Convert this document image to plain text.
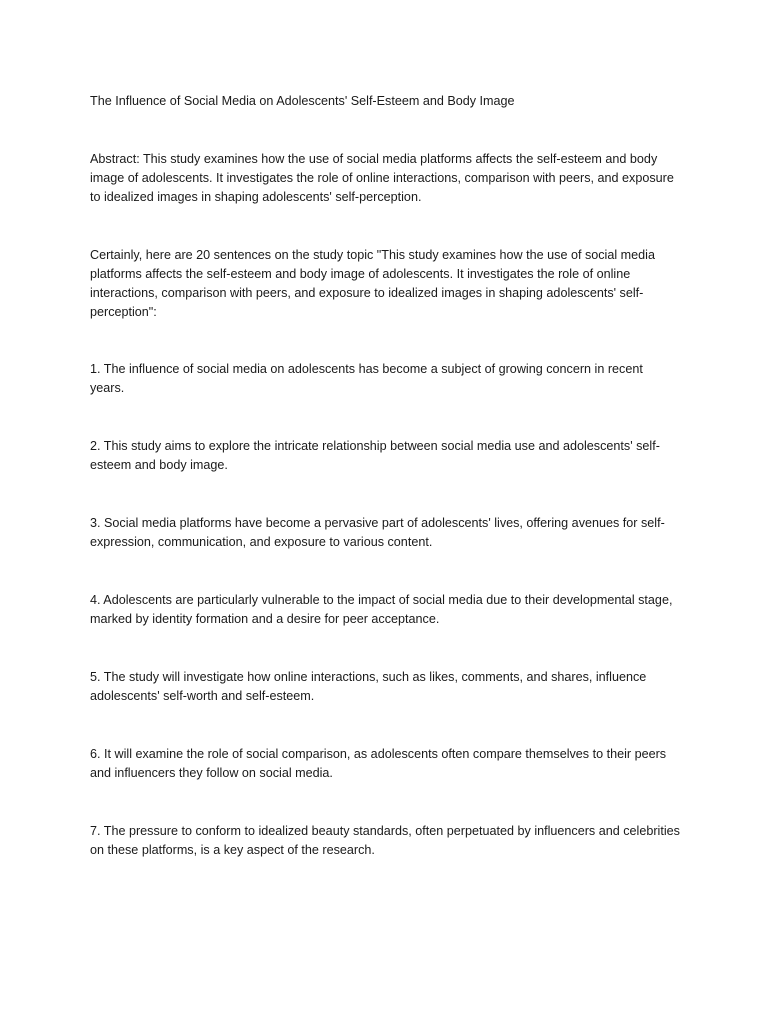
The Influence of Social Media on Adolescents' Self-Esteem and Body Image

Abstract: This study examines how the use of social media platforms affects the self-esteem and body image of adolescents. It investigates the role of online interactions, comparison with peers, and exposure to idealized images in shaping adolescents' self-perception.

Certainly, here are 20 sentences on the study topic "This study examines how the use of social media platforms affects the self-esteem and body image of adolescents. It investigates the role of online interactions, comparison with peers, and exposure to idealized images in shaping adolescents' self-perception":

1. The influence of social media on adolescents has become a subject of growing concern in recent years.

2. This study aims to explore the intricate relationship between social media use and adolescents' self-esteem and body image.

3. Social media platforms have become a pervasive part of adolescents' lives, offering avenues for self-expression, communication, and exposure to various content.

4. Adolescents are particularly vulnerable to the impact of social media due to their developmental stage, marked by identity formation and a desire for peer acceptance.

5. The study will investigate how online interactions, such as likes, comments, and shares, influence adolescents' self-worth and self-esteem.

6. It will examine the role of social comparison, as adolescents often compare themselves to their peers and influencers they follow on social media.

7. The pressure to conform to idealized beauty standards, often perpetuated by influencers and celebrities on these platforms, is a key aspect of the research.
